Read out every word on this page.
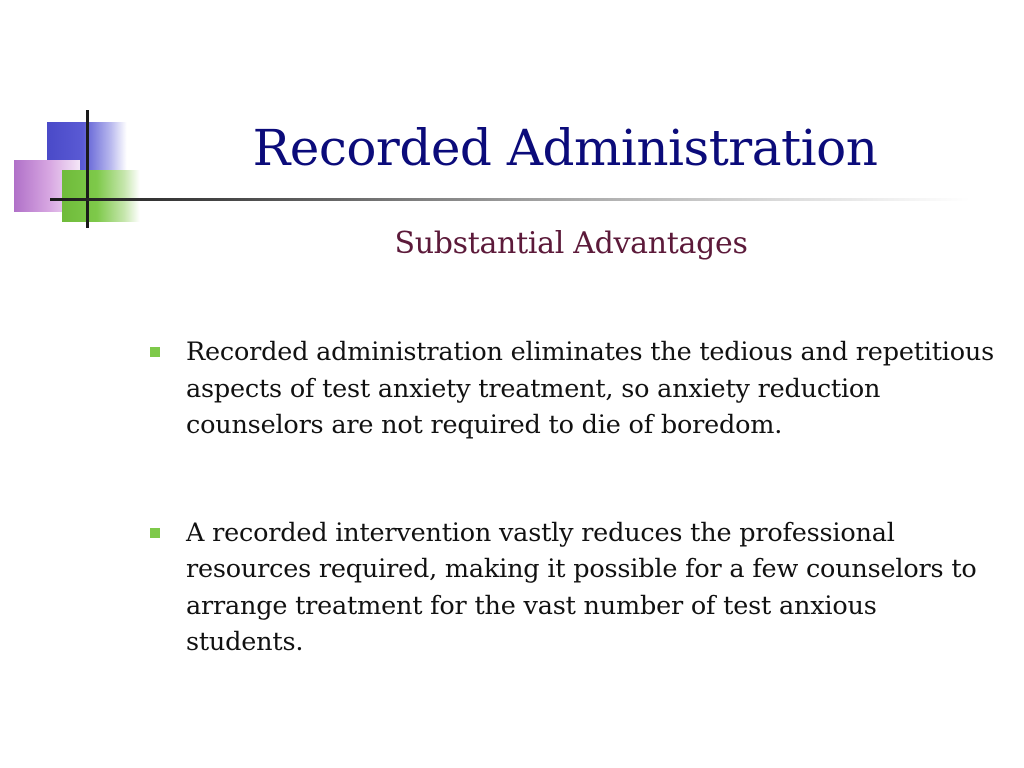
Recorded Administration
Substantial Advantages
Recorded administration eliminates the tedious and repetitious aspects of test anxiety treatment, so anxiety reduction counselors are not required to die of boredom.
A recorded intervention vastly reduces the professional resources required, making it possible for a few counselors to arrange treatment for the vast number of test anxious students.
